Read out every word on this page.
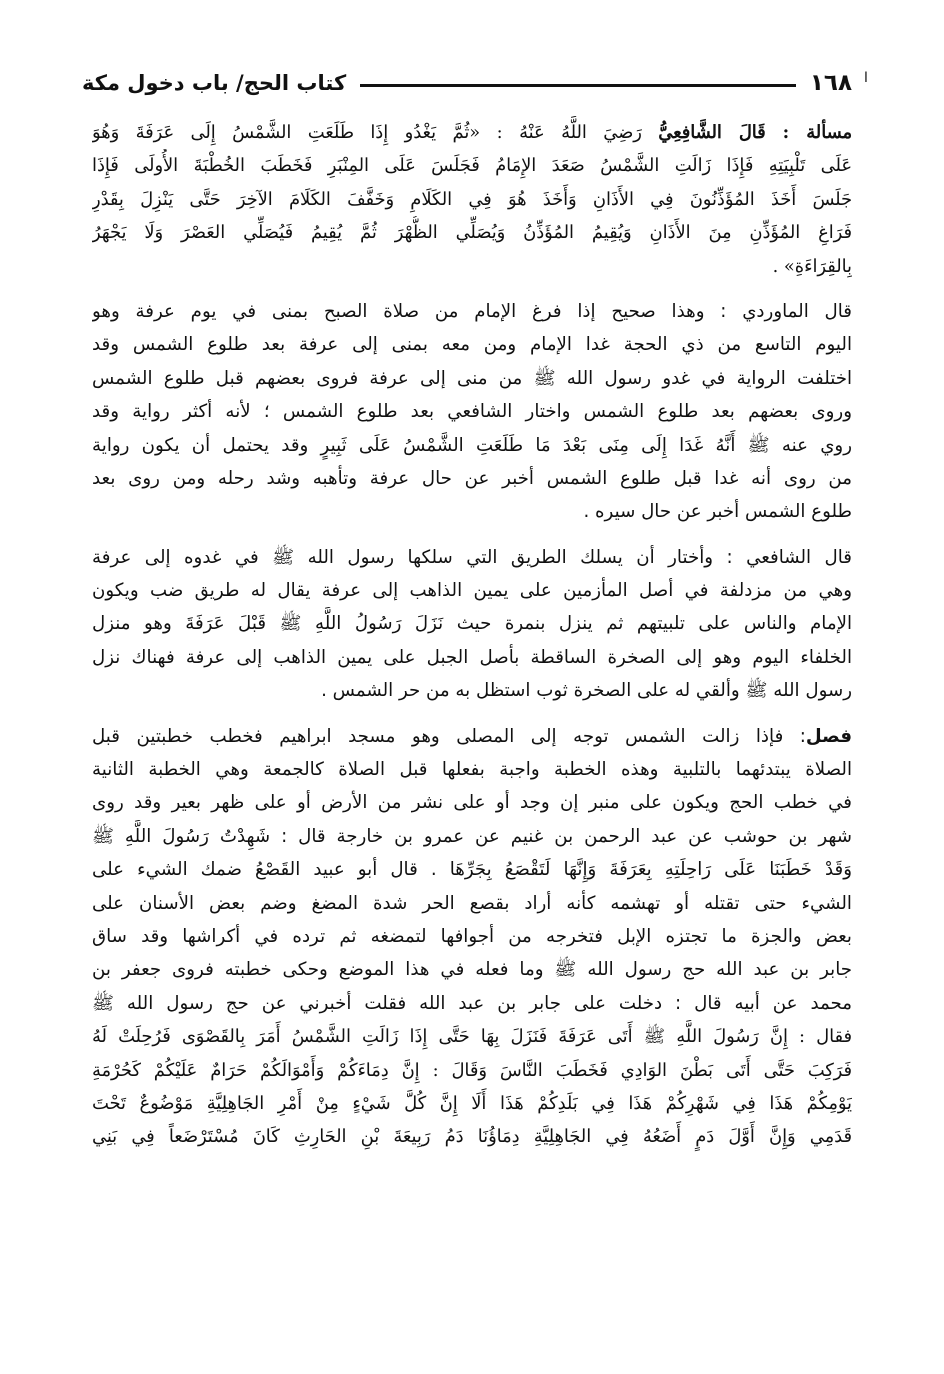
ا
١٦٨
كتاب الحج/ باب دخول مكة
مسألة : قَالَ الشَّافِعِيُّ رَضِيَ اللَّهُ عَنْهُ : «ثُمَّ يَغْدُو إِذَا طَلَعَتِ الشَّمْسُ إِلَى عَرَفَةَ وَهُوَ
عَلَى تَلْبِيَتِهِ فَإِذَا زَالَتِ الشَّمْسُ صَعَدَ الإِمَامُ فَجَلَسَ عَلَى المِنْبَرِ فَخَطَبَ الخُطْبَةَ الأُولَى فَإِذَا
جَلَسَ أَخَذَ المُؤَذِّنُونَ فِي الأَذَانِ وَأَخَذَ هُوَ فِي الكَلَامِ وَخَفَّفَ الكَلَامَ الآخِرَ حَتَّى يَنْزِلَ بِقَدْرِ
فَرَاغِ المُؤَذِّنِ مِنَ الأَذَانِ وَيُقِيمُ المُؤَذِّنُ وَيُصَلِّي الظُّهْرَ ثُمَّ يُقِيمُ فَيُصَلِّي العَصْرَ وَلَا يَجْهَرُ
بِالقِرَاءَةِ» .
قال الماوردي : وهذا صحيح إذا فرغ الإمام من صلاة الصبح بمنى في يوم عرفة وهو
اليوم التاسع من ذي الحجة غدا الإمام ومن معه بمنى إلى عرفة بعد طلوع الشمس وقد
اختلفت الرواية في غدو رسول الله ﷺ من منى إلى عرفة فروى بعضهم قبل طلوع الشمس
وروى بعضهم بعد طلوع الشمس واختار الشافعي بعد طلوع الشمس ؛ لأنه أكثر رواية وقد
روي عنه ﷺ أَنَّهُ غَدَا إِلَى مِنَى بَعْدَ مَا طَلَعَتِ الشَّمْسُ عَلَى ثَبِيرٍ وقد يحتمل أن يكون رواية
من روى أنه غدا قبل طلوع الشمس أخبر عن حال عرفة وتأهبه وشد رحله ومن روى بعد
طلوع الشمس أخبر عن حال سيره .
قال الشافعي : وأختار أن يسلك الطريق التي سلكها رسول الله ﷺ في غدوه إلى عرفة
وهي من مزدلفة في أصل المأزمين على يمين الذاهب إلى عرفة يقال له طريق ضب ويكون
الإمام والناس على تلبيتهم ثم ينزل بنمرة حيث نَزَلَ رَسُولُ اللَّهِ ﷺ قَبْلَ عَرَفَةَ وهو منزل
الخلفاء اليوم وهو إلى الصخرة الساقطة بأصل الجبل على يمين الذاهب إلى عرفة فهناك نزل
رسول الله ﷺ وألقي له على الصخرة ثوب استظل به من حر الشمس .
فصل: فإذا زالت الشمس توجه إلى المصلى وهو مسجد ابراهيم فخطب خطبتين قبل
الصلاة يبتدئهما بالتلبية وهذه الخطبة واجبة بفعلها قبل الصلاة كالجمعة وهي الخطبة الثانية
في خطب الحج ويكون على منبر إن وجد أو على نشر من الأرض أو على ظهر بعير وقد روى
شهر بن حوشب عن عبد الرحمن بن غنيم عن عمرو بن خارجة قال : شَهِدْتُ رَسُولَ اللَّهِ ﷺ
وَقَدْ خَطَبَنَا عَلَى رَاحِلَتِهِ بِعَرَفَةَ وَإِنَّهَا لَتَقْصَعُ بِجَرِّهَا . قال أبو عبيد القَصْعُ ضمك الشيء على
الشيء حتى تقتله أو تهشمه كأنه أراد بقصع الحر شدة المضغ وضم بعض الأسنان على
بعض والجزة ما تجتزه الإبل فتخرجه من أجوافها لتمضغه ثم ترده في أكراشها وقد ساق
جابر بن عبد الله حج رسول الله ﷺ وما فعله في هذا الموضع وحكى خطبته فروى جعفر بن
محمد عن أبيه قال : دخلت على جابر بن عبد الله فقلت أخبرني عن حج رسول الله ﷺ
فقال : إِنَّ رَسُولَ اللَّهِ ﷺ أَتَى عَرَفَةَ فَنَزَلَ بِهَا حَتَّى إِذَا زَالَتِ الشَّمْسُ أَمَرَ بِالقَصْوَى فَرُحِلَتْ لَهُ
فَرَكِبَ حَتَّى أَتَى بَطْنَ الوَادِي فَخَطَبَ النَّاسَ وَقَالَ : إِنَّ دِمَاءَكُمْ وَأَمْوَالَكُمْ حَرَامٌ عَلَيْكُمْ كَحُرْمَةِ
يَوْمِكُمْ هَذَا فِي شَهْرِكُمْ هَذَا فِي بَلَدِكُمْ هَذَا أَلَا إِنَّ كُلَّ شَيْءٍ مِنْ أَمْرِ الجَاهِلِيَّةِ مَوْضُوعٌ تَحْتَ
قَدَمِي وَإِنَّ أَوَّلَ دَمٍ أَضَعُهُ فِي الجَاهِلِيَّةِ دِمَاؤُنَا دَمُ رَبِيعَةَ بْنِ الحَارِثِ كَانَ مُسْتَرْضَعاً فِي بَنِي
